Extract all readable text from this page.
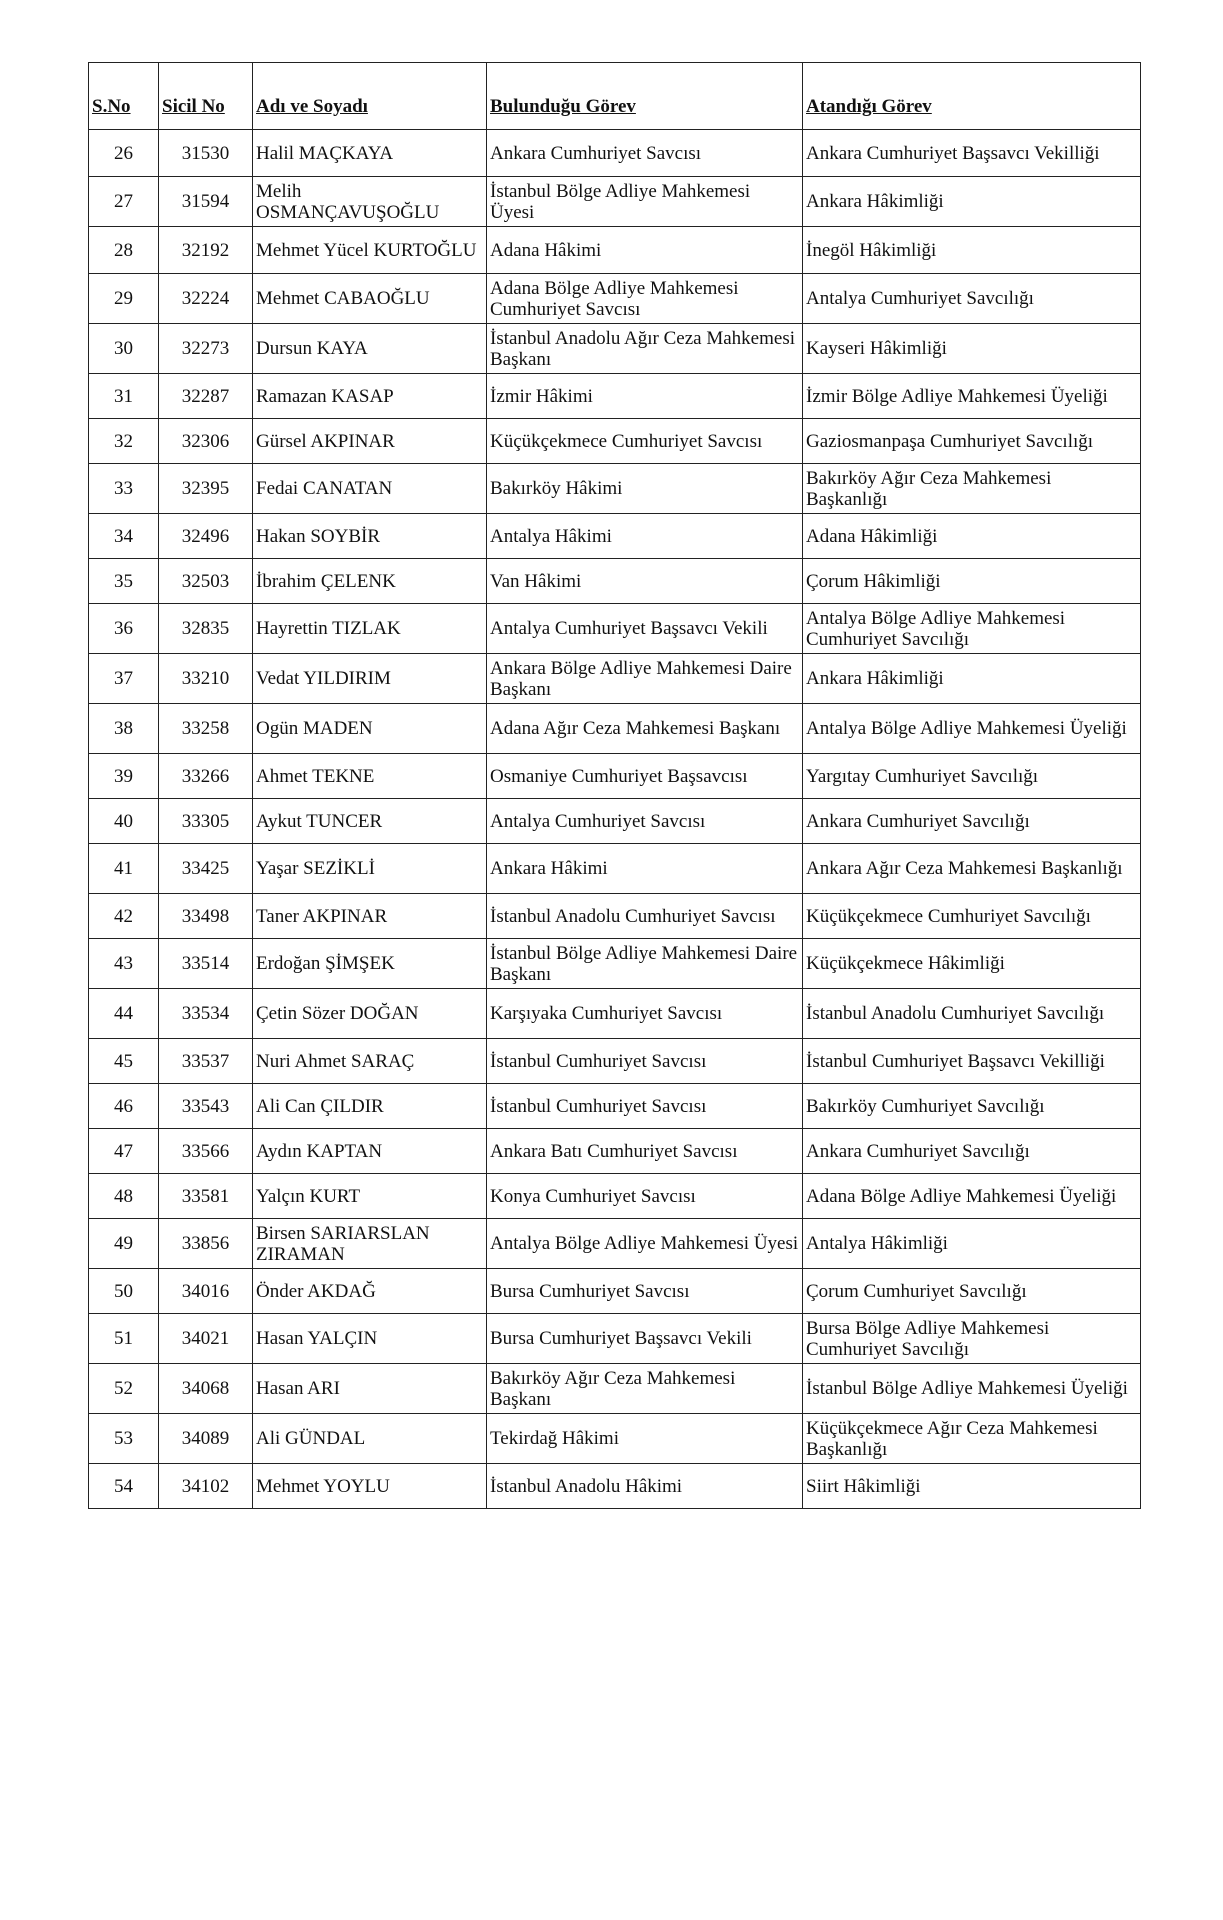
S.No	Sicil No	Adı ve Soyadı	Bulunduğu Görev	Atandığı Görev
26	31530	Halil MAÇKAYA	Ankara Cumhuriyet Savcısı	Ankara Cumhuriyet Başsavcı Vekilliği
27	31594	Melih OSMANÇAVUŞOĞLU	İstanbul Bölge Adliye Mahkemesi Üyesi	Ankara Hâkimliği
28	32192	Mehmet Yücel KURTOĞLU	Adana Hâkimi	İnegöl Hâkimliği
29	32224	Mehmet CABAOĞLU	Adana Bölge Adliye Mahkemesi Cumhuriyet Savcısı	Antalya Cumhuriyet Savcılığı
30	32273	Dursun KAYA	İstanbul Anadolu Ağır Ceza Mahkemesi Başkanı	Kayseri Hâkimliği
31	32287	Ramazan KASAP	İzmir Hâkimi	İzmir Bölge Adliye Mahkemesi Üyeliği
32	32306	Gürsel AKPINAR	Küçükçekmece Cumhuriyet Savcısı	Gaziosmanpaşa Cumhuriyet Savcılığı
33	32395	Fedai CANATAN	Bakırköy Hâkimi	Bakırköy Ağır Ceza Mahkemesi Başkanlığı
34	32496	Hakan SOYBİR	Antalya Hâkimi	Adana Hâkimliği
35	32503	İbrahim ÇELENK	Van Hâkimi	Çorum Hâkimliği
36	32835	Hayrettin TIZLAK	Antalya Cumhuriyet Başsavcı Vekili	Antalya Bölge Adliye Mahkemesi Cumhuriyet Savcılığı
37	33210	Vedat YILDIRIM	Ankara Bölge Adliye Mahkemesi Daire Başkanı	Ankara Hâkimliği
38	33258	Ogün MADEN	Adana Ağır Ceza Mahkemesi Başkanı	Antalya Bölge Adliye Mahkemesi Üyeliği
39	33266	Ahmet TEKNE	Osmaniye Cumhuriyet Başsavcısı	Yargıtay Cumhuriyet Savcılığı
40	33305	Aykut TUNCER	Antalya Cumhuriyet Savcısı	Ankara Cumhuriyet Savcılığı
41	33425	Yaşar SEZİKLİ	Ankara Hâkimi	Ankara Ağır Ceza Mahkemesi Başkanlığı
42	33498	Taner AKPINAR	İstanbul Anadolu Cumhuriyet Savcısı	Küçükçekmece Cumhuriyet Savcılığı
43	33514	Erdoğan ŞİMŞEK	İstanbul Bölge Adliye Mahkemesi Daire Başkanı	Küçükçekmece Hâkimliği
44	33534	Çetin Sözer DOĞAN	Karşıyaka Cumhuriyet Savcısı	İstanbul Anadolu Cumhuriyet Savcılığı
45	33537	Nuri Ahmet SARAÇ	İstanbul Cumhuriyet Savcısı	İstanbul Cumhuriyet Başsavcı Vekilliği
46	33543	Ali Can ÇILDIR	İstanbul Cumhuriyet Savcısı	Bakırköy Cumhuriyet Savcılığı
47	33566	Aydın KAPTAN	Ankara Batı Cumhuriyet Savcısı	Ankara Cumhuriyet Savcılığı
48	33581	Yalçın KURT	Konya Cumhuriyet Savcısı	Adana Bölge Adliye Mahkemesi Üyeliği
49	33856	Birsen SARIARSLAN ZIRAMAN	Antalya Bölge Adliye Mahkemesi Üyesi	Antalya Hâkimliği
50	34016	Önder AKDAĞ	Bursa Cumhuriyet Savcısı	Çorum Cumhuriyet Savcılığı
51	34021	Hasan YALÇIN	Bursa Cumhuriyet Başsavcı Vekili	Bursa Bölge Adliye Mahkemesi Cumhuriyet Savcılığı
52	34068	Hasan ARI	Bakırköy Ağır Ceza Mahkemesi Başkanı	İstanbul Bölge Adliye Mahkemesi Üyeliği
53	34089	Ali GÜNDAL	Tekirdağ Hâkimi	Küçükçekmece Ağır Ceza Mahkemesi Başkanlığı
54	34102	Mehmet YOYLU	İstanbul Anadolu Hâkimi	Siirt Hâkimliği
